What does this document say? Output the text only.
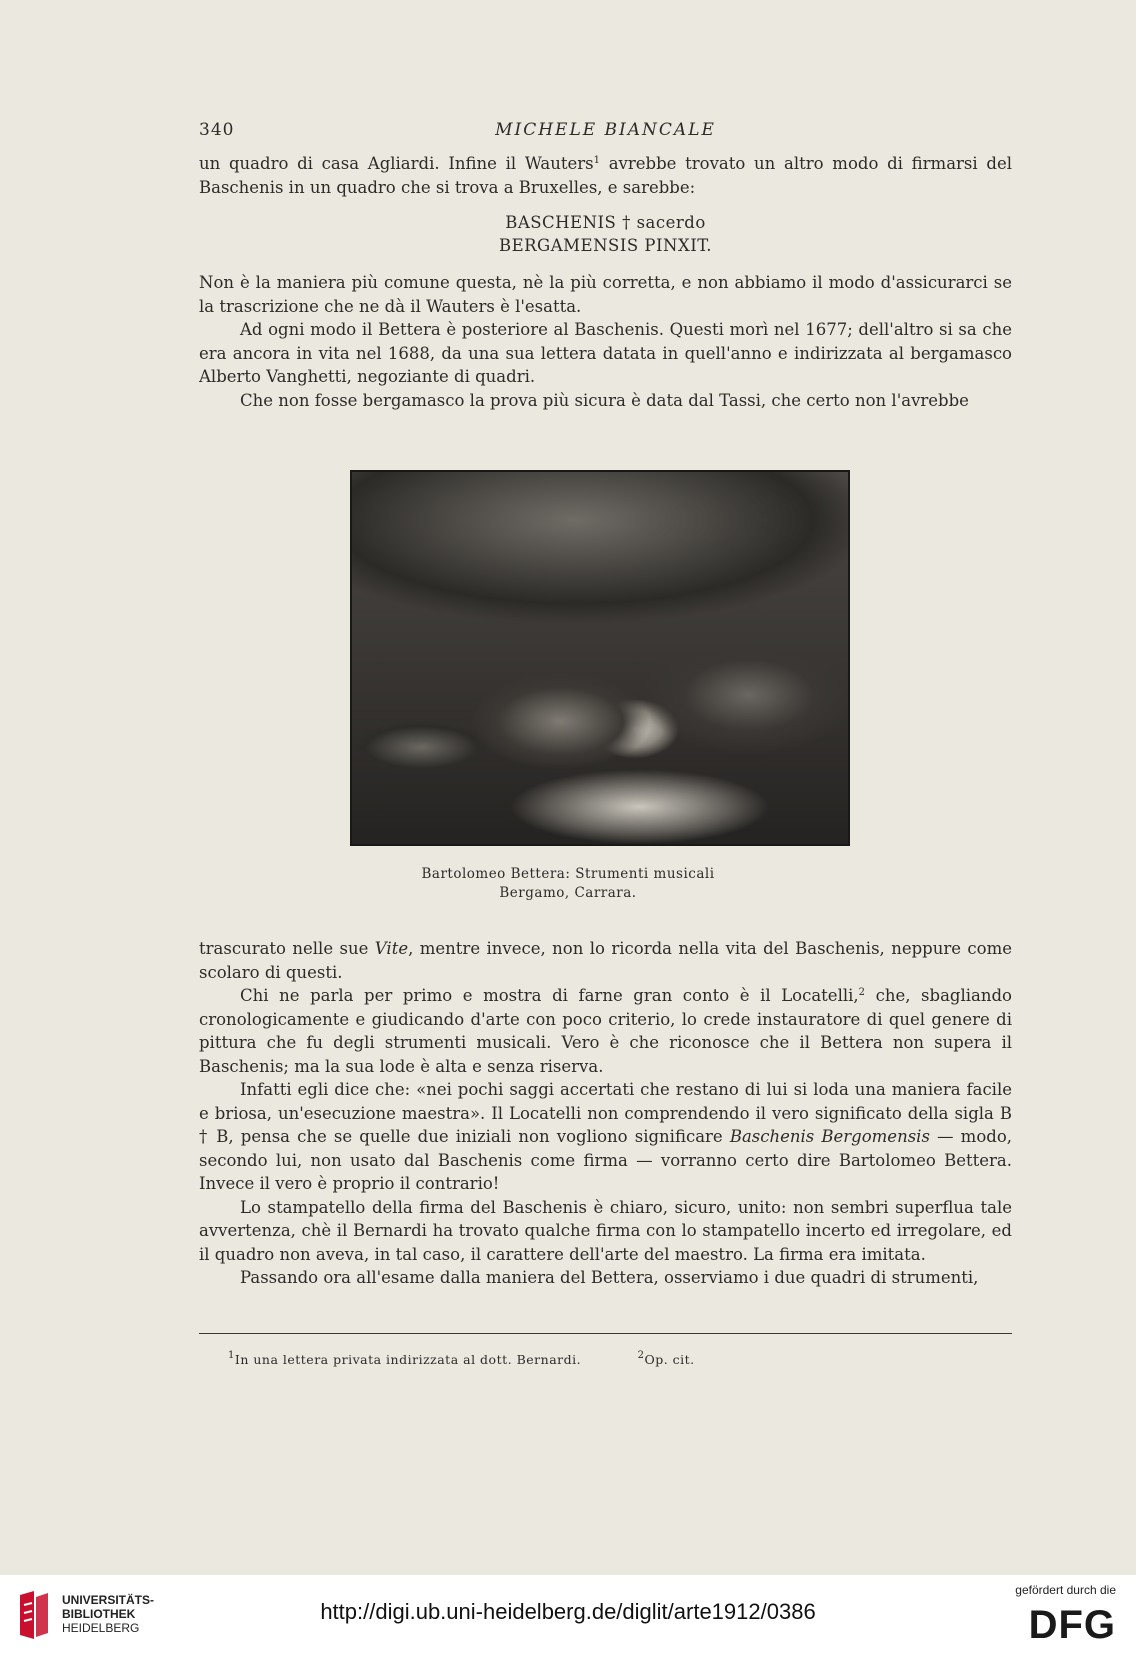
340	MICHELE BIANCALE

un quadro di casa Agliardi. Infine il Wauters$^1$ avrebbe trovato un altro modo di firmarsi del Baschenis in un quadro che si trova a Bruxelles, e sarebbe:

BASCHENIS † sacerdo
BERGAMENSIS PINXIT.

Non è la maniera più comune questa, nè la più corretta, e non abbiamo il modo d'assicurarci se la trascrizione che ne dà il Wauters è l'esatta.

Ad ogni modo il Bettera è posteriore al Baschenis. Questi morì nel 1677; dell'altro si sa che era ancora in vita nel 1688, da una sua lettera datata in quell'anno e indirizzata al bergamasco Alberto Vanghetti, negoziante di quadri.

Che non fosse bergamasco la prova più sicura è data dal Tassi, che certo non l'avrebbe

Bartolomeo Bettera: Strumenti musicali
Bergamo, Carrara.

trascurato nelle sue Vite, mentre invece, non lo ricorda nella vita del Baschenis, neppure come scolaro di questi.

Chi ne parla per primo e mostra di farne gran conto è il Locatelli,$^2$ che, sbagliando cronologicamente e giudicando d'arte con poco criterio, lo crede instauratore di quel genere di pittura che fu degli strumenti musicali. Vero è che riconosce che il Bettera non supera il Baschenis; ma la sua lode è alta e senza riserva.

Infatti egli dice che: «nei pochi saggi accertati che restano di lui si loda una maniera facile e briosa, un'esecuzione maestra». Il Locatelli non comprendendo il vero significato della sigla B † B, pensa che se quelle due iniziali non vogliono significare Baschenis Bergomensis — modo, secondo lui, non usato dal Baschenis come firma — vorranno certo dire Bartolomeo Bettera. Invece il vero è proprio il contrario!

Lo stampatello della firma del Baschenis è chiaro, sicuro, unito: non sembri superflua tale avvertenza, chè il Bernardi ha trovato qualche firma con lo stampatello incerto ed irregolare, ed il quadro non aveva, in tal caso, il carattere dell'arte del maestro. La firma era imitata.

Passando ora all'esame dalla maniera del Bettera, osserviamo i due quadri di strumenti,

$^1$In una lettera privata indirizzata al dott. Bernardi.	$^2$Op. cit.
UNIVERSITÄTS-
BIBLIOTHEK
HEIDELBERG
http://digi.ub.uni-heidelberg.de/diglit/arte1912/0386
gefördert durch die
DFG
